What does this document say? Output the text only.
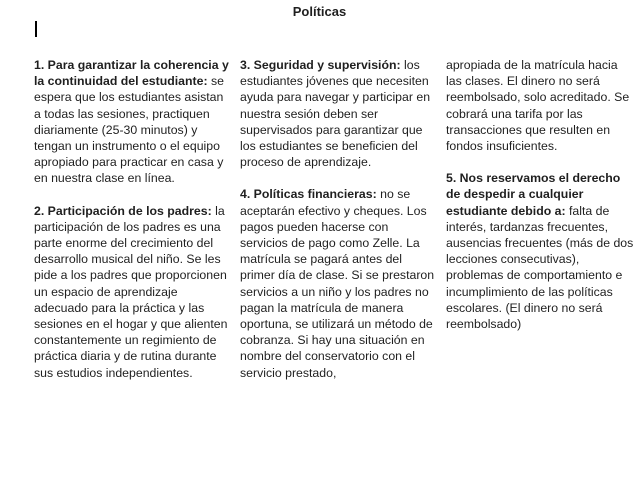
Políticas

1. Para garantizar la coherencia y la continuidad del estudiante: se espera que los estudiantes asistan a todas las sesiones, practiquen diariamente (25-30 minutos) y tengan un instrumento o el equipo apropiado para practicar en casa y en nuestra clase en línea.

2. Participación de los padres: la participación de los padres es una parte enorme del crecimiento del desarrollo musical del niño. Se les pide a los padres que proporcionen un espacio de aprendizaje adecuado para la práctica y las sesiones en el hogar y que alienten constantemente un regimiento de práctica diaria y de rutina durante sus estudios independientes.

3. Seguridad y supervisión: los estudiantes jóvenes que necesiten ayuda para navegar y participar en nuestra sesión deben ser supervisados para garantizar que los estudiantes se beneficien del proceso de aprendizaje.

4. Políticas financieras: no se aceptarán efectivo y cheques. Los pagos pueden hacerse con servicios de pago como Zelle. La matrícula se pagará antes del primer día de clase. Si se prestaron servicios a un niño y los padres no pagan la matrícula de manera oportuna, se utilizará un método de cobranza. Si hay una situación en nombre del conservatorio con el servicio prestado,

apropiada de la matrícula hacia las clases. El dinero no será reembolsado, solo acreditado. Se cobrará una tarifa por las transacciones que resulten en fondos insuficientes.

5. Nos reservamos el derecho de despedir a cualquier estudiante debido a: falta de interés, tardanzas frecuentes, ausencias frecuentes (más de dos lecciones consecutivas), problemas de comportamiento e incumplimiento de las políticas escolares. (El dinero no será reembolsado)
